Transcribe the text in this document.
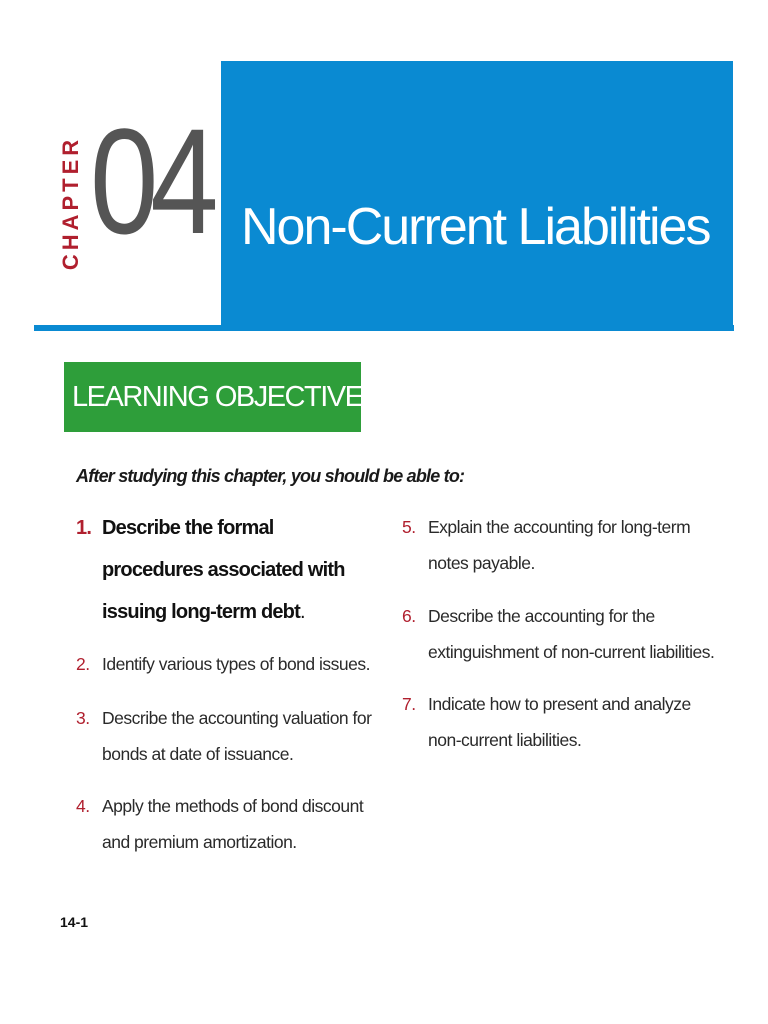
CHAPTER 04 Non-Current Liabilities
LEARNING OBJECTIVES
After studying this chapter, you should be able to:
1. Describe the formal procedures associated with issuing long-term debt.
2. Identify various types of bond issues.
3. Describe the accounting valuation for bonds at date of issuance.
4. Apply the methods of bond discount and premium amortization.
5. Explain the accounting for long-term notes payable.
6. Describe the accounting for the extinguishment of non-current liabilities.
7. Indicate how to present and analyze non-current liabilities.
14-1
